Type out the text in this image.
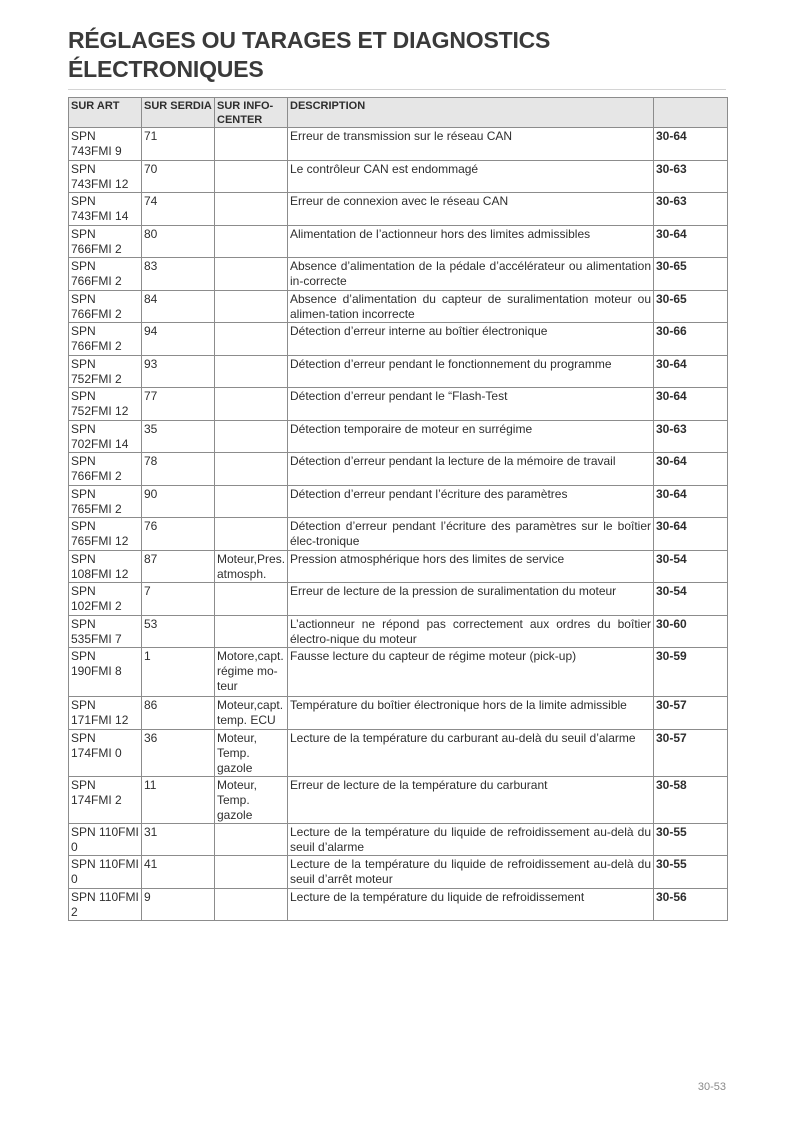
RÉGLAGES OU TARAGES ET DIAGNOSTICS
ÉLECTRONIQUES
SUR ART	SUR SERDIA	SUR INFO-CENTER	DESCRIPTION	
SPN 743FMI 9	71		Erreur de transmission sur le réseau CAN	30-64
SPN 743FMI 12	70		Le contrôleur CAN est endommagé	30-63
SPN 743FMI 14	74		Erreur de connexion avec le réseau CAN	30-63
SPN 766FMI 2	80		Alimentation de l’actionneur hors des limites admissibles	30-64
SPN 766FMI 2	83		Absence d’alimentation de la pédale d’accélérateur ou alimentation in-correcte	30-65
SPN 766FMI 2	84		Absence d’alimentation du capteur de suralimentation moteur ou alimen-tation incorrecte	30-65
SPN 766FMI 2	94		Détection d’erreur interne au boîtier électronique	30-66
SPN 752FMI 2	93		Détection d’erreur pendant le fonctionnement du programme	30-64
SPN 752FMI 12	77		Détection d’erreur pendant le “Flash-Test	30-64
SPN 702FMI 14	35		Détection temporaire de moteur en surrégime	30-63
SPN 766FMI 2	78		Détection d’erreur pendant la lecture de la mémoire de travail	30-64
SPN 765FMI 2	90		Détection d’erreur pendant l’écriture des paramètres	30-64
SPN 765FMI 12	76		Détection d’erreur pendant l’écriture des paramètres sur le boîtier élec-tronique	30-64
SPN 108FMI 12	87	Moteur,Pres. atmosph.	Pression atmosphérique hors des limites de service	30-54
SPN 102FMI 2	7		Erreur de lecture de la pression de suralimentation du moteur	30-54
SPN 535FMI 7	53		L’actionneur ne répond pas correctement aux ordres du boîtier électro-nique du moteur	30-60
SPN 190FMI 8	1	Motore,capt. régime mo-teur	Fausse lecture du capteur de régime moteur (pick-up)	30-59
SPN 171FMI 12	86	Moteur,capt. temp. ECU	Température du boîtier électronique hors de la limite admissible	30-57
SPN 174FMI 0	36	Moteur, Temp. gazole	Lecture de la température du carburant au-delà du seuil d’alarme	30-57
SPN 174FMI 2	11	Moteur, Temp. gazole	Erreur de lecture de la température du carburant	30-58
SPN 110FMI 0	31		Lecture de la température du liquide de refroidissement au-delà du seuil d’alarme	30-55
SPN 110FMI 0	41		Lecture de la température du liquide de refroidissement au-delà du seuil d’arrêt moteur	30-55
SPN 110FMI 2	9		Lecture de la température du liquide de refroidissement	30-56
30-53
